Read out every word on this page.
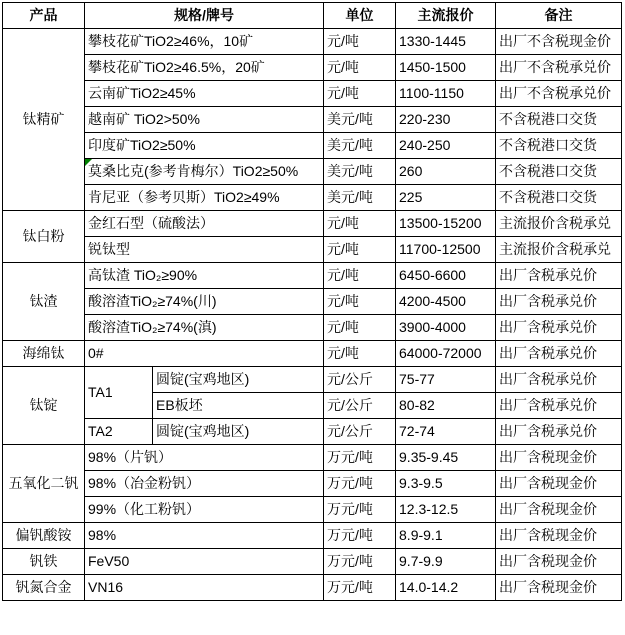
产品	规格/牌号		单位	主流报价	备注
钛精矿	攀枝花矿TiO2≥46%，10矿		元/吨	1330-1445	出厂不含税现金价
	攀枝花矿TiO2≥46.5%，20矿		元/吨	1450-1500	出厂不含税承兑价
	云南矿TiO2≥45%		元/吨	1100-1150	出厂不含税承兑价
	越南矿 TiO2>50%		美元/吨	220-230	不含税港口交货
	印度矿TiO2≥50%		美元/吨	240-250	不含税港口交货
	莫桑比克(参考肯梅尔）TiO2≥50%		美元/吨	260	不含税港口交货
	肯尼亚（参考贝斯）TiO2≥49%		美元/吨	225	不含税港口交货
钛白粉	金红石型（硫酸法）		元/吨	13500-15200	主流报价含税承兑
	锐钛型		元/吨	11700-12500	主流报价含税承兑
钛渣	高钛渣 TiO₂≥90%		元/吨	6450-6600	出厂含税承兑价
	酸溶渣TiO₂≥74%(川)		元/吨	4200-4500	出厂含税承兑价
	酸溶渣TiO₂≥74%(滇)		元/吨	3900-4000	出厂含税承兑价
海绵钛	0#		元/吨	64000-72000	出厂含税承兑价
钛锭	TA1	圆锭(宝鸡地区)	元/公斤	75-77	出厂含税承兑价
		EB板坯	元/公斤	80-82	出厂含税承兑价
	TA2	圆锭(宝鸡地区)	元/公斤	72-74	出厂含税承兑价
五氧化二钒	98%（片钒）		万元/吨	9.35-9.45	出厂含税现金价
	98%（冶金粉钒）		万元/吨	9.3-9.5	出厂含税现金价
	99%（化工粉钒）		万元/吨	12.3-12.5	出厂含税现金价
偏钒酸铵	98%		万元/吨	8.9-9.1	出厂含税现金价
钒铁	FeV50		万元/吨	9.7-9.9	出厂含税现金价
钒氮合金	VN16		万元/吨	14.0-14.2	出厂含税现金价
